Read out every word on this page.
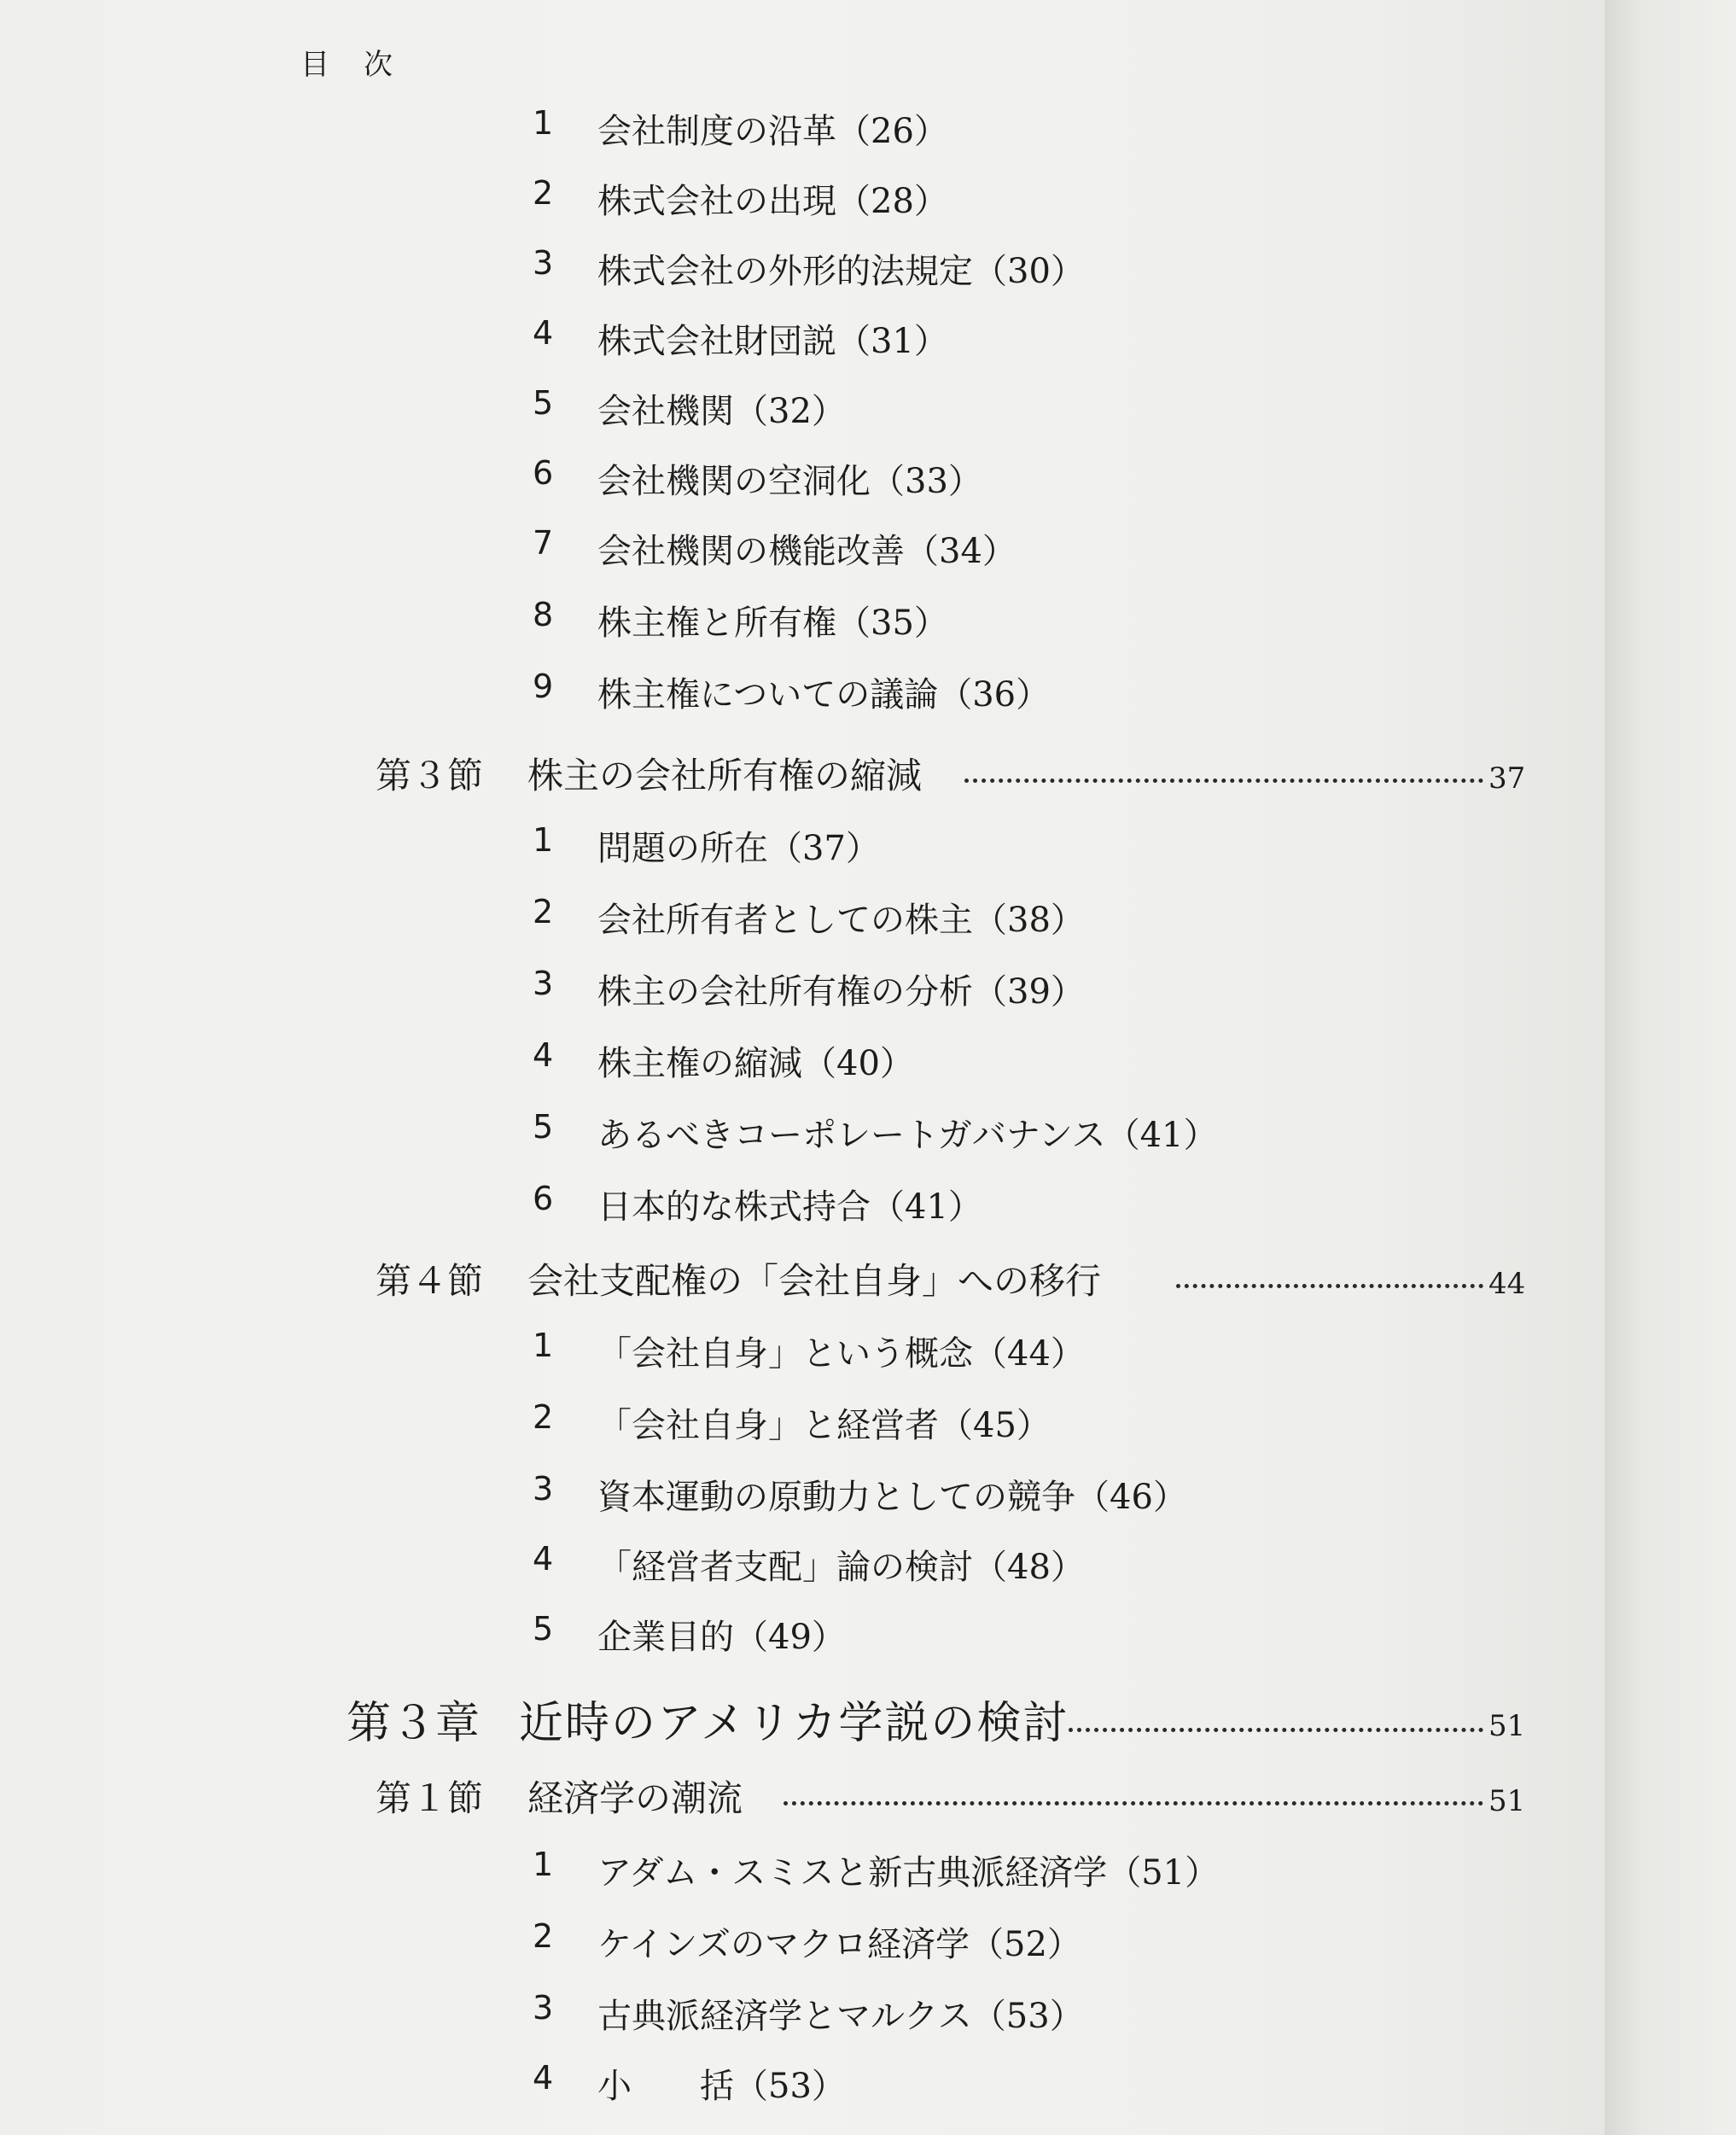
目次
1	会社制度の沿革（26）
2	株式会社の出現（28）
3	株式会社の外形的法規定（30）
4	株式会社財団説（31）
5	会社機関（32）
6	会社機関の空洞化（33）
7	会社機関の機能改善（34）
8	株主権と所有権（35）
9	株主権についての議論（36）
第３節 株主の会社所有権の縮減	37
1	問題の所在（37）
2	会社所有者としての株主（38）
3	株主の会社所有権の分析（39）
4	株主権の縮減（40）
5	あるべきコーポレートガバナンス（41）
6	日本的な株式持合（41）
第４節 会社支配権の「会社自身」への移行	44
1	「会社自身」という概念（44）
2	「会社自身」と経営者（45）
3	資本運動の原動力としての競争（46）
4	「経営者支配」論の検討（48）
5	企業目的（49）
第３章 近時のアメリカ学説の検討	51
第１節 経済学の潮流	51
1	アダム・スミスと新古典派経済学（51）
2	ケインズのマクロ経済学（52）
3	古典派経済学とマルクス（53）
4	小　　括（53）
